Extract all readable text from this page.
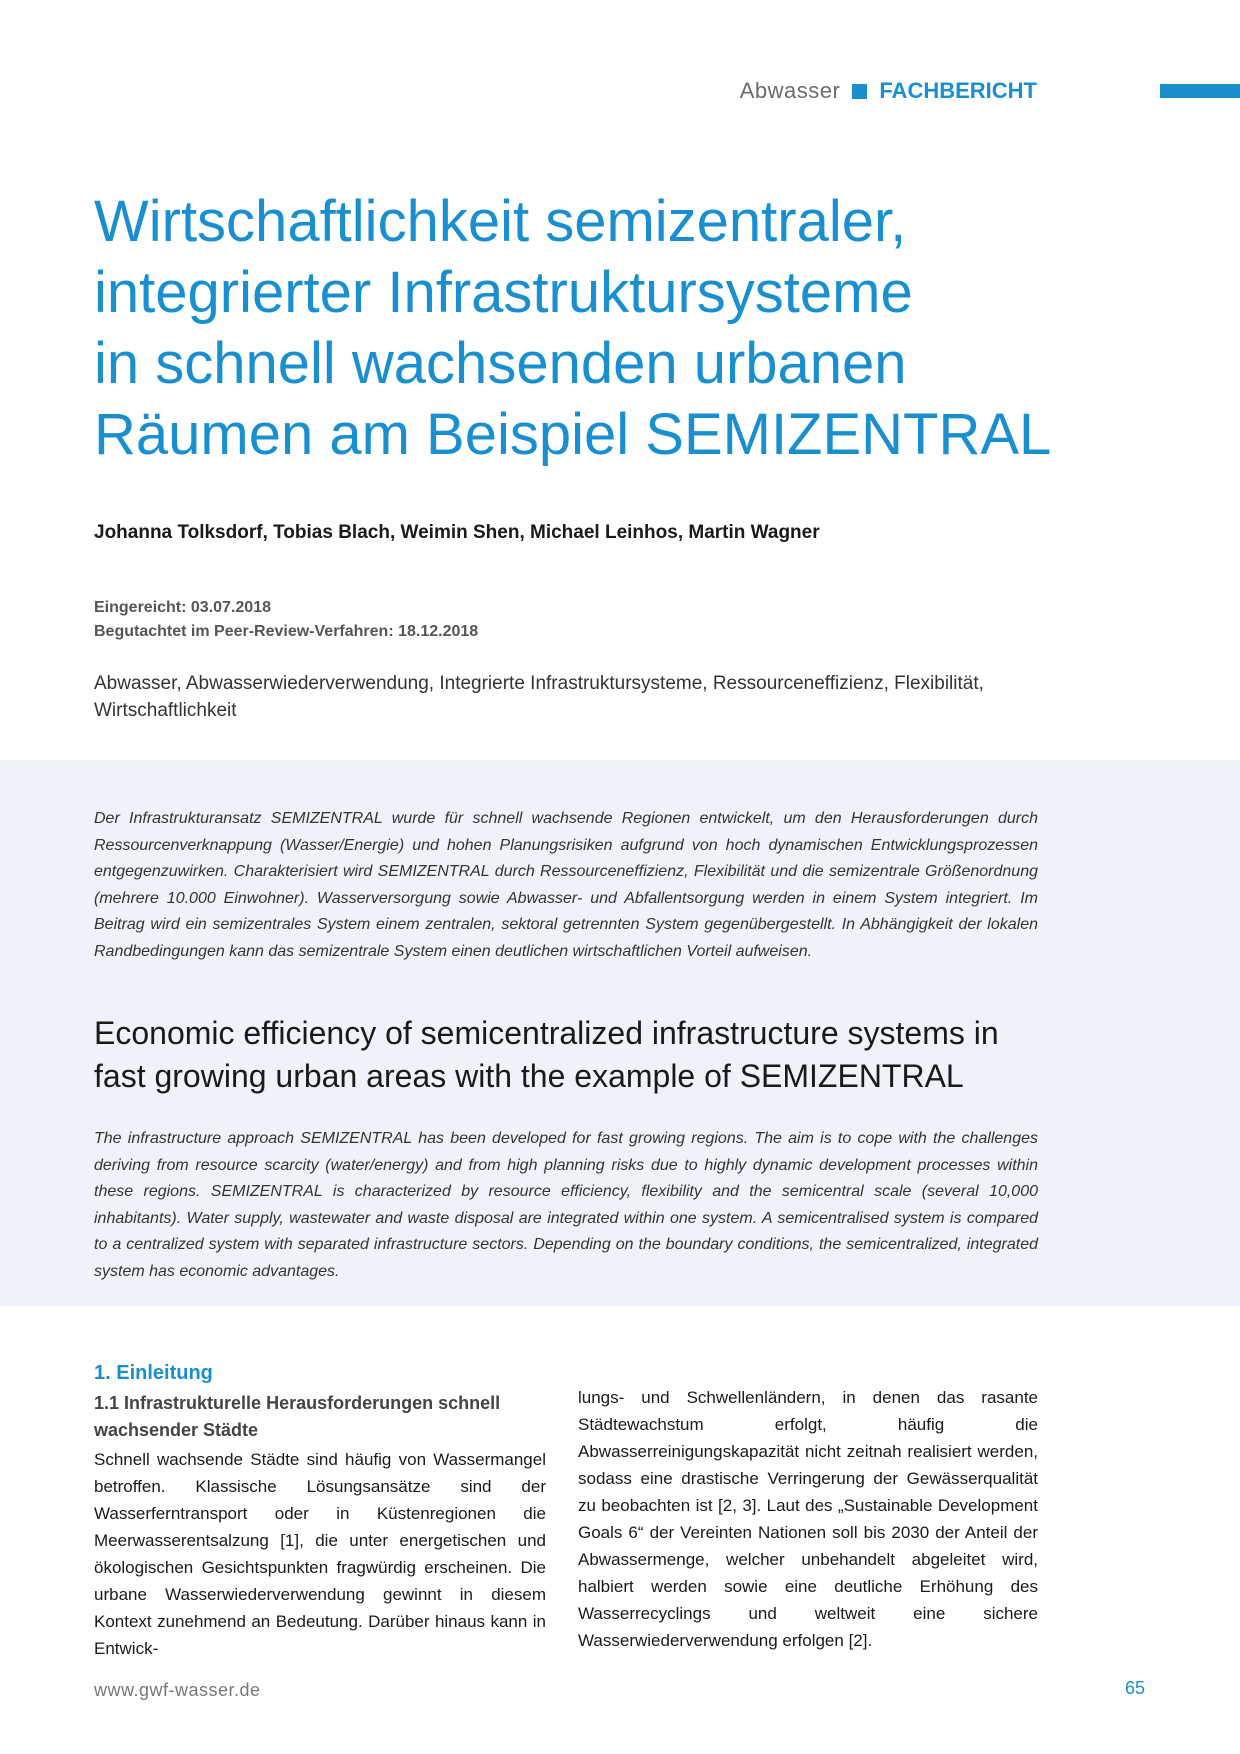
Abwasser FACHBERICHT
Wirtschaftlichkeit semizentraler,
integrierter Infrastruktursysteme
in schnell wachsenden urbanen
Räumen am Beispiel SEMIZENTRAL
Johanna Tolksdorf, Tobias Blach, Weimin Shen, Michael Leinhos, Martin Wagner
Eingereicht: 03.07.2018
Begutachtet im Peer-Review-Verfahren: 18.12.2018
Abwasser, Abwasserwiederverwendung, Integrierte Infrastruktursysteme, Ressourceneffizienz, Flexibilität, Wirtschaftlichkeit

Der Infrastrukturansatz SEMIZENTRAL wurde für schnell wachsende Regionen entwickelt, um den Herausforderungen durch Ressourcenverknappung (Wasser/Energie) und hohen Planungsrisiken aufgrund von hoch dynamischen Entwicklungsprozessen entgegenzuwirken. Charakterisiert wird SEMIZENTRAL durch Ressourceneffizienz, Flexibilität und die semizentrale Größenordnung (mehrere 10.000 Einwohner). Wasserversorgung sowie Abwasser- und Abfallentsorgung werden in einem System integriert. Im Beitrag wird ein semizentrales System einem zentralen, sektoral getrennten System gegenübergestellt. In Abhängigkeit der lokalen Randbedingungen kann das semizentrale System einen deutlichen wirtschaftlichen Vorteil aufweisen.

Economic efficiency of semicentralized infrastructure systems in
fast growing urban areas with the example of SEMIZENTRAL

The infrastructure approach SEMIZENTRAL has been developed for fast growing regions. The aim is to cope with the challenges deriving from resource scarcity (water/energy) and from high planning risks due to highly dynamic development processes within these regions. SEMIZENTRAL is characterized by resource efficiency, flexibility and the semicentral scale (several 10,000 inhabitants). Water supply, wastewater and waste disposal are integrated within one system. A semicentralised system is compared to a centralized system with separated infrastructure sectors. Depending on the boundary conditions, the semicentralized, integrated system has economic advantages.

1. Einleitung
1.1 Infrastrukturelle Herausforderungen schnell wachsender Städte

Schnell wachsende Städte sind häufig von Wassermangel betroffen. Klassische Lösungsansätze sind der Wasserferntransport oder in Küstenregionen die Meerwasserentsalzung [1], die unter energetischen und ökologischen Gesichtspunkten fragwürdig erscheinen. Die urbane Wasserwiederverwendung gewinnt in diesem Kontext zunehmend an Bedeutung. Darüber hinaus kann in Entwick-

lungs- und Schwellenländern, in denen das rasante Städtewachstum erfolgt, häufig die Abwasserreinigungskapazität nicht zeitnah realisiert werden, sodass eine drastische Verringerung der Gewässerqualität zu beobachten ist [2, 3]. Laut des „Sustainable Development Goals 6“ der Vereinten Nationen soll bis 2030 der Anteil der Abwassermenge, welcher unbehandelt abgeleitet wird, halbiert werden sowie eine deutliche Erhöhung des Wasserrecyclings und weltweit eine sichere Wasserwiederverwendung erfolgen [2].

www.gwf-wasser.de	65
